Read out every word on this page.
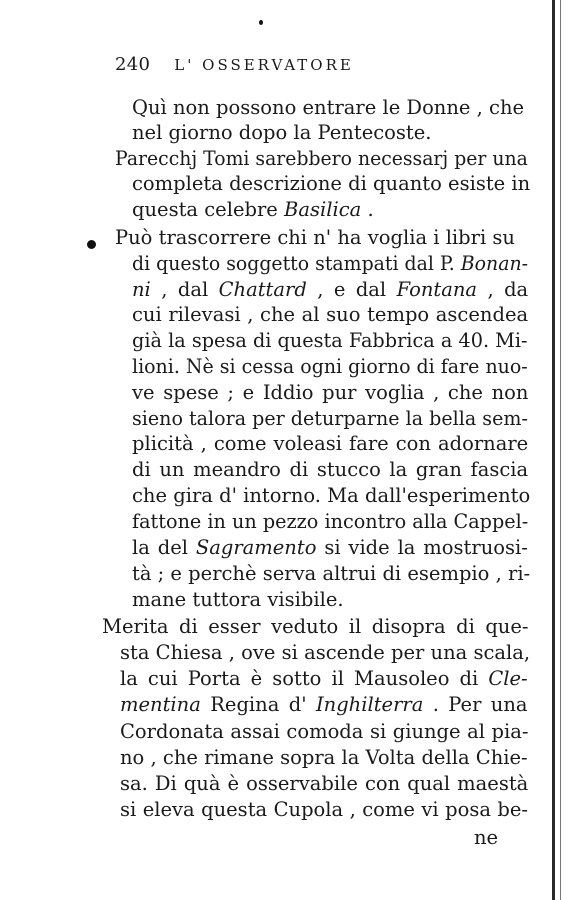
240 L' OSSERVATORE
Quì non possono entrare le Donne , che
nel giorno dopo la Pentecoste.
Parecchj Tomi sarebbero necessarj per una
completa descrizione di quanto esiste in
questa celebre Basilica .
Può trascorrere chi n' ha voglia i libri su
di questo soggetto stampati dal P. Bonan-
ni , dal Chattard , e dal Fontana , da
cui rilevasi , che al suo tempo ascendea
già la spesa di questa Fabbrica a 40. Mi-
lioni. Nè si cessa ogni giorno di fare nuo-
ve spese ; e Iddio pur voglia , che non
sieno talora per deturparne la bella sem-
plicità , come voleasi fare con adornare
di un meandro di stucco la gran fascia
che gira d' intorno. Ma dall'esperimento
fattone in un pezzo incontro alla Cappel-
la del Sagramento si vide la mostruosi-
tà ; e perchè serva altrui di esempio , ri-
mane tuttora visibile.
Merita di esser veduto il disopra di que-
sta Chiesa , ove si ascende per una scala,
la cui Porta è sotto il Mausoleo di Cle-
mentina Regina d' Inghilterra . Per una
Cordonata assai comoda si giunge al pia-
no , che rimane sopra la Volta della Chie-
sa. Di quà è osservabile con qual maestà
si eleva questa Cupola , come vi posa be-
ne
